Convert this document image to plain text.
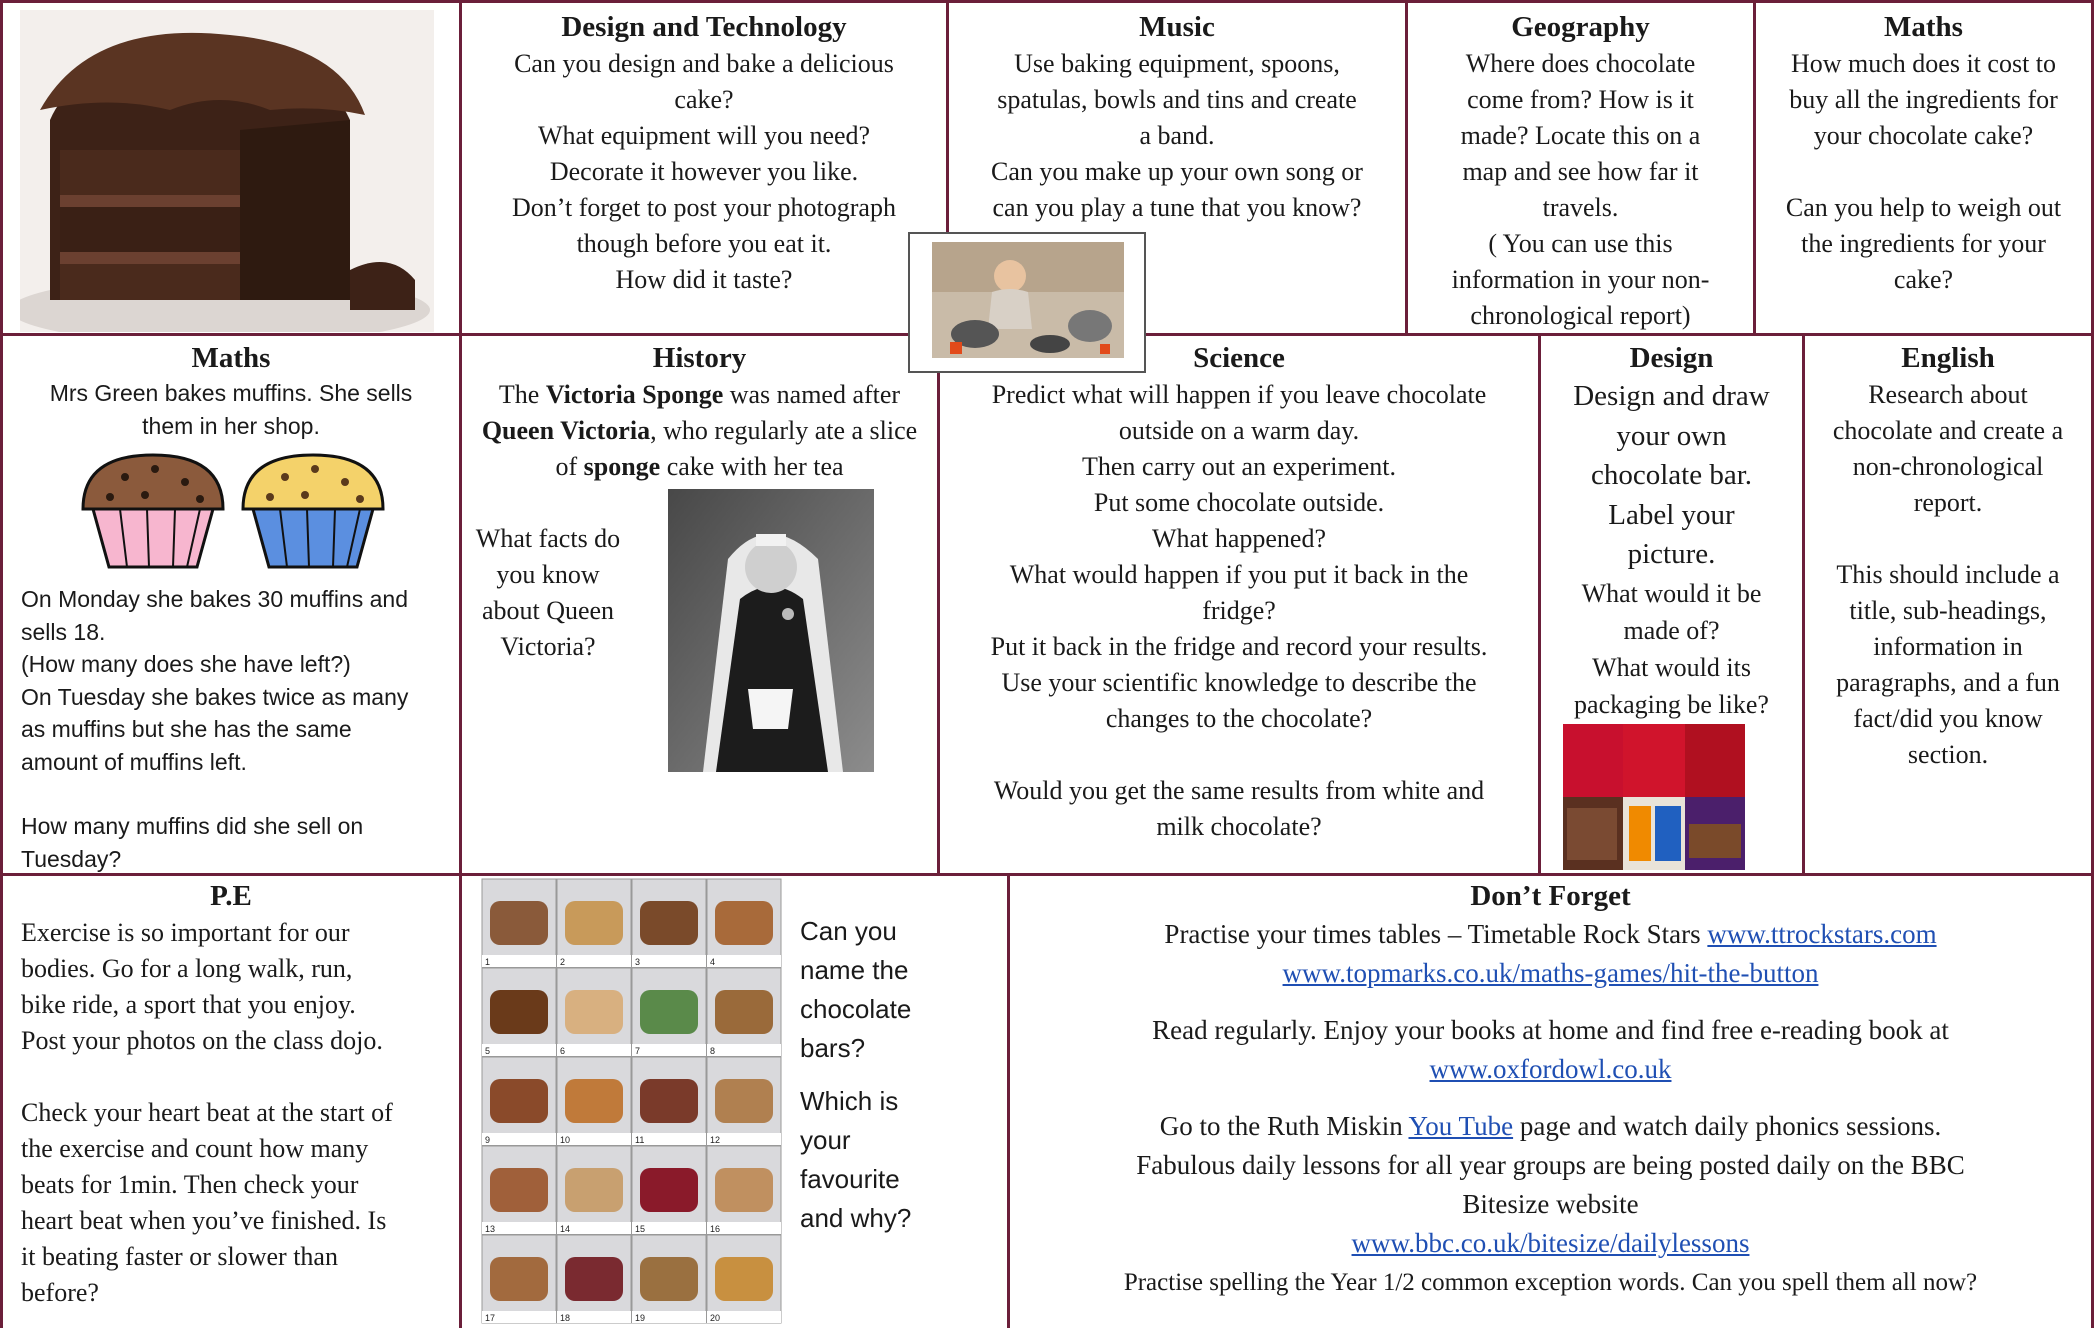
Design and Technology
Can you design and bake a delicious
cake?
What equipment will you need?
Decorate it however you like.
Don’t forget to post your photograph
though before you eat it.
How did it taste?
Music
Use baking equipment, spoons,
spatulas, bowls and tins and create
a band.
Can you make up your own song or
can you play a tune that you know?
Geography
Where does chocolate
come from? How is it
made? Locate this on a
map and see how far it
travels.
( You can use this
information in your non-
chronological report)
Maths
How much does it cost to
buy all the ingredients for
your chocolate cake?
Can you help to weigh out
the ingredients for your
cake?
Maths
Mrs Green bakes muffins. She sells
them in her shop.
On Monday she bakes 30 muffins and
sells 18.
(How many does she have left?)
On Tuesday she bakes twice as many
as muffins but she has the same
amount of muffins left.
How many muffins did she sell on
Tuesday?
History
The Victoria Sponge was named after Queen Victoria, who regularly ate a slice of sponge cake with her tea
What facts do
you know
about Queen
Victoria?
Science
Predict what will happen if you leave chocolate
outside on a warm day.
Then carry out an experiment.
Put some chocolate outside.
What happened?
What would happen if you put it back in the
fridge?
Put it back in the fridge and record your results.
Use your scientific knowledge to describe the
changes to the chocolate?
Would you get the same results from white and
milk chocolate?
Design
Design and draw
your own
chocolate bar.
Label your
picture.
What would it be
made of?
What would its
packaging be like?
English
Research about
chocolate and create a
non-chronological
report.
This should include a
title, sub-headings,
information in
paragraphs, and a fun
fact/did you know
section.
P.E
Exercise is so important for our
bodies. Go for a long walk, run,
bike ride, a sport that you enjoy.
Post your photos on the class dojo.
Check your heart beat at the start of
the exercise and count how many
beats for 1min. Then check your
heart beat when you’ve finished. Is
it beating faster or slower than
before?
1	2	3	4
5	6	7	8
9	10	11	12
13	14	15	16
17	18	19	20
Can you
name the
chocolate
bars?
Which is
your
favourite
and why?
Don’t Forget
Practise your times tables – Timetable Rock Stars www.ttrockstars.com
www.topmarks.co.uk/maths-games/hit-the-button
Read regularly. Enjoy your books at home and find free e-reading book at
www.oxfordowl.co.uk
Go to the Ruth Miskin You Tube page and watch daily phonics sessions.
Fabulous daily lessons for all year groups are being posted daily on the BBC
Bitesize website
www.bbc.co.uk/bitesize/dailylessons
Practise spelling the Year 1/2 common exception words. Can you spell them all now?
